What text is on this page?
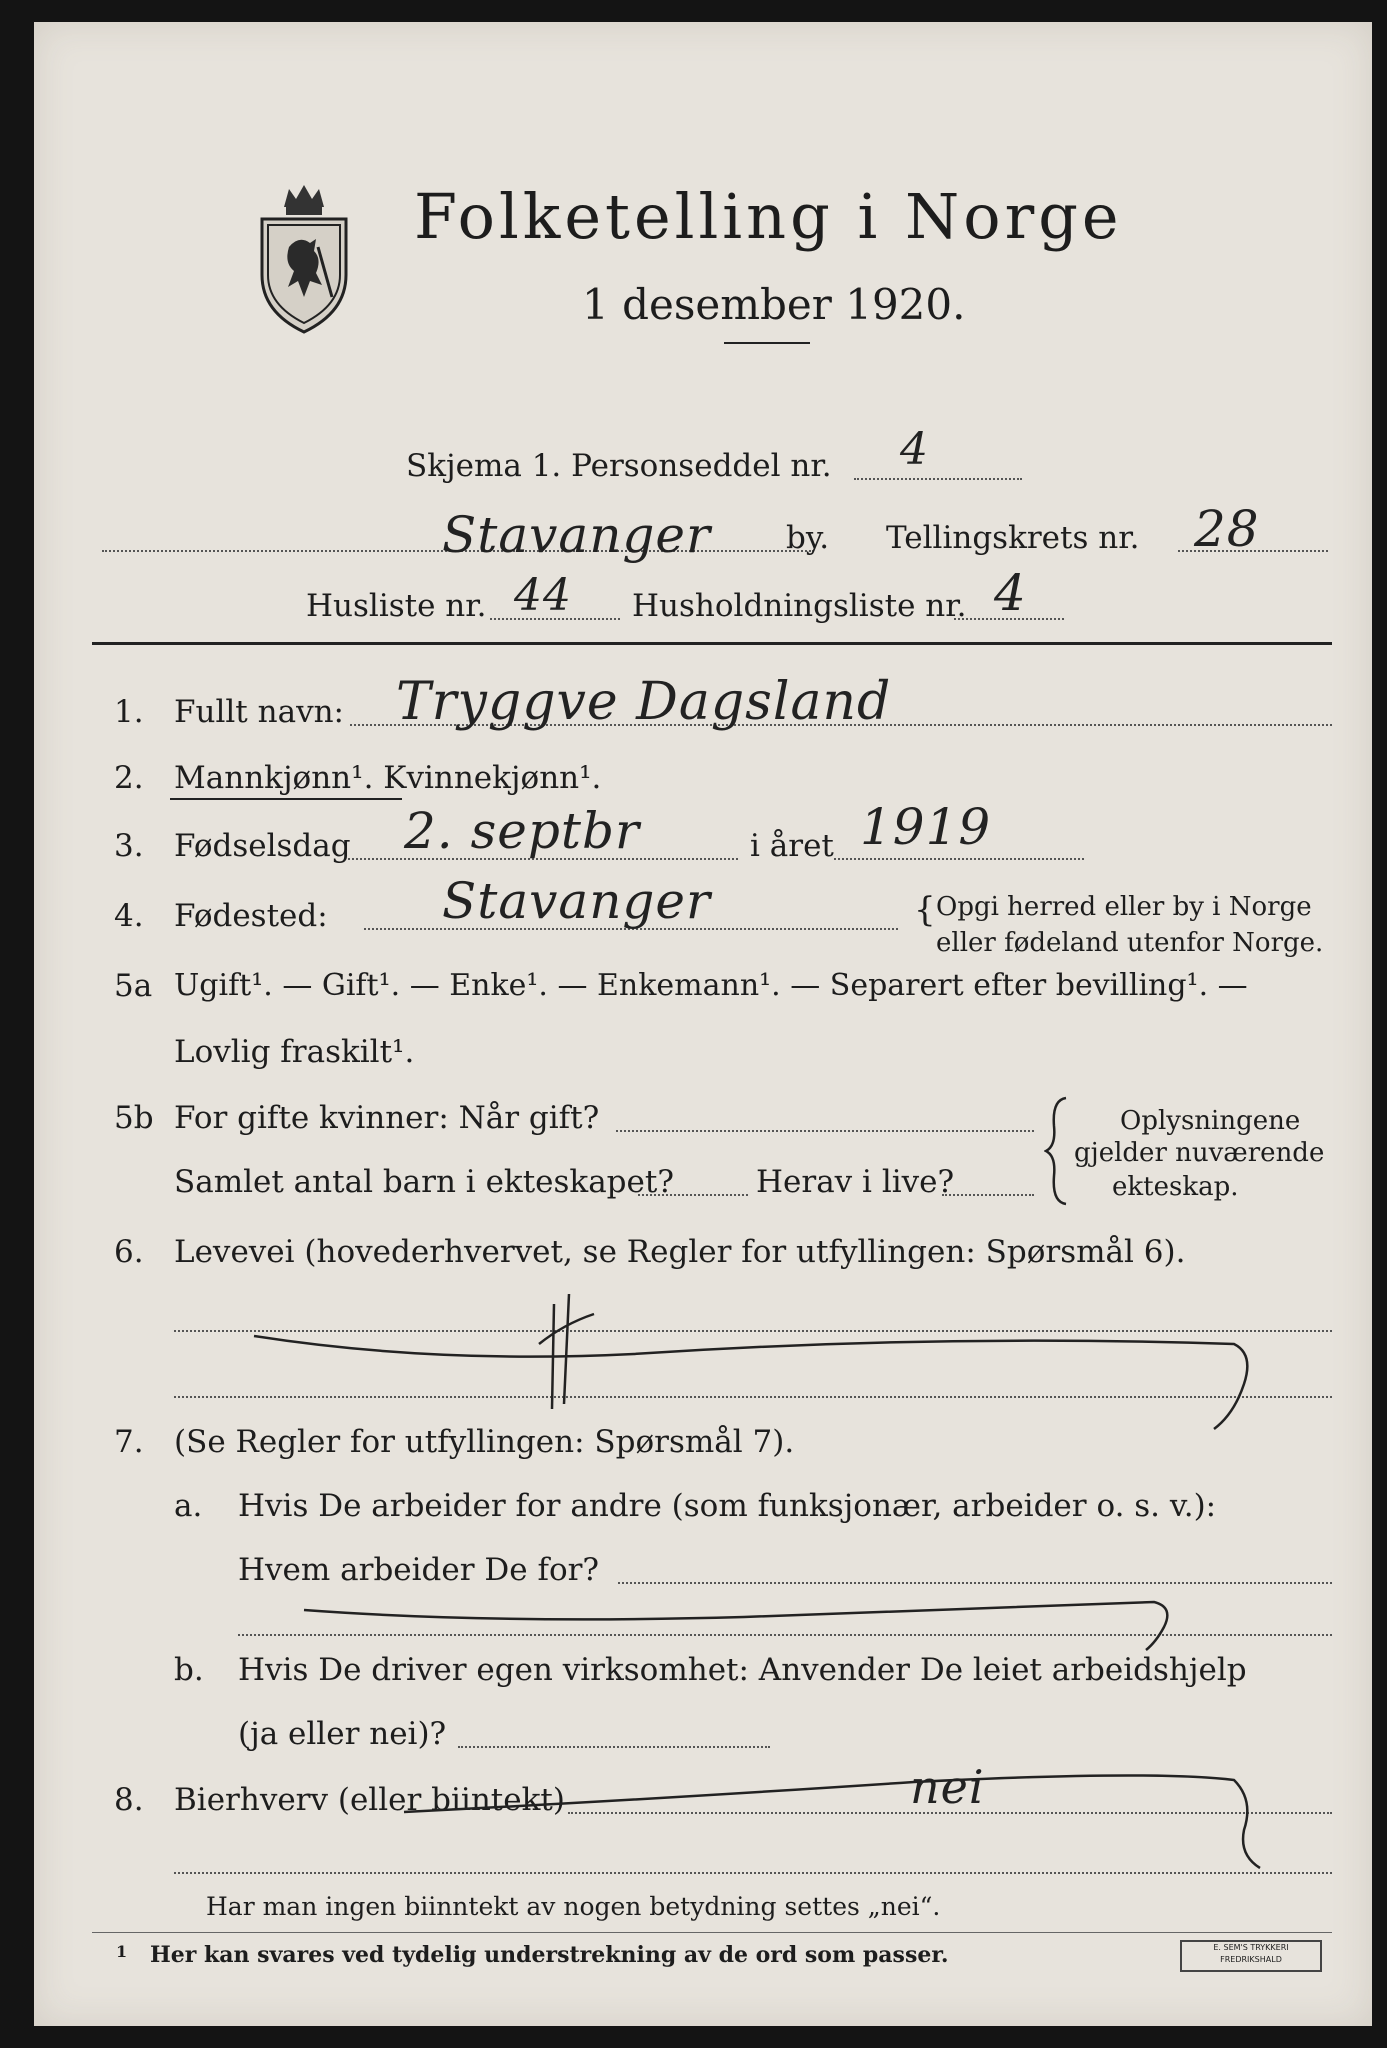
Folketelling i Norge
1 desember 1920.
Skjema 1. Personseddel nr. 4
Stavanger by. Tellingskrets nr. 28
Husliste nr. 44 Husholdningsliste nr. 4
1. Fullt navn: Tryggve Dagsland
2. Mannkjønn¹. Kvinnekjønn¹.
3. Fødselsdag 2. septbr	i året 1919
4. Fødested: Stavanger	{ Opgi herred eller by i Norge
eller fødeland utenfor Norge.
5a Ugift¹. — Gift¹. — Enke¹. — Enkemann¹. — Separert efter bevilling¹. —
Lovlig fraskilt¹.
5b For gifte kvinner: Når gift?
Samlet antal barn i ekteskapet?	Herav i live?
Oplysningene
gjelder nuværende
ekteskap.
6. Levevei (hovederhvervet, se Regler for utfyllingen: Spørsmål 6).
7. (Se Regler for utfyllingen: Spørsmål 7).
a. Hvis De arbeider for andre (som funksjonær, arbeider o. s. v.):
Hvem arbeider De for?
b. Hvis De driver egen virksomhet: Anvender De leiet arbeidshjelp
(ja eller nei)?
8. Bierhverv (eller biintekt)	nei
Har man ingen biinntekt av nogen betydning settes „nei“.
1 Her kan svares ved tydelig understrekning av de ord som passer.	E. SEM'S TRYKKERI
FREDRIKSHALD
